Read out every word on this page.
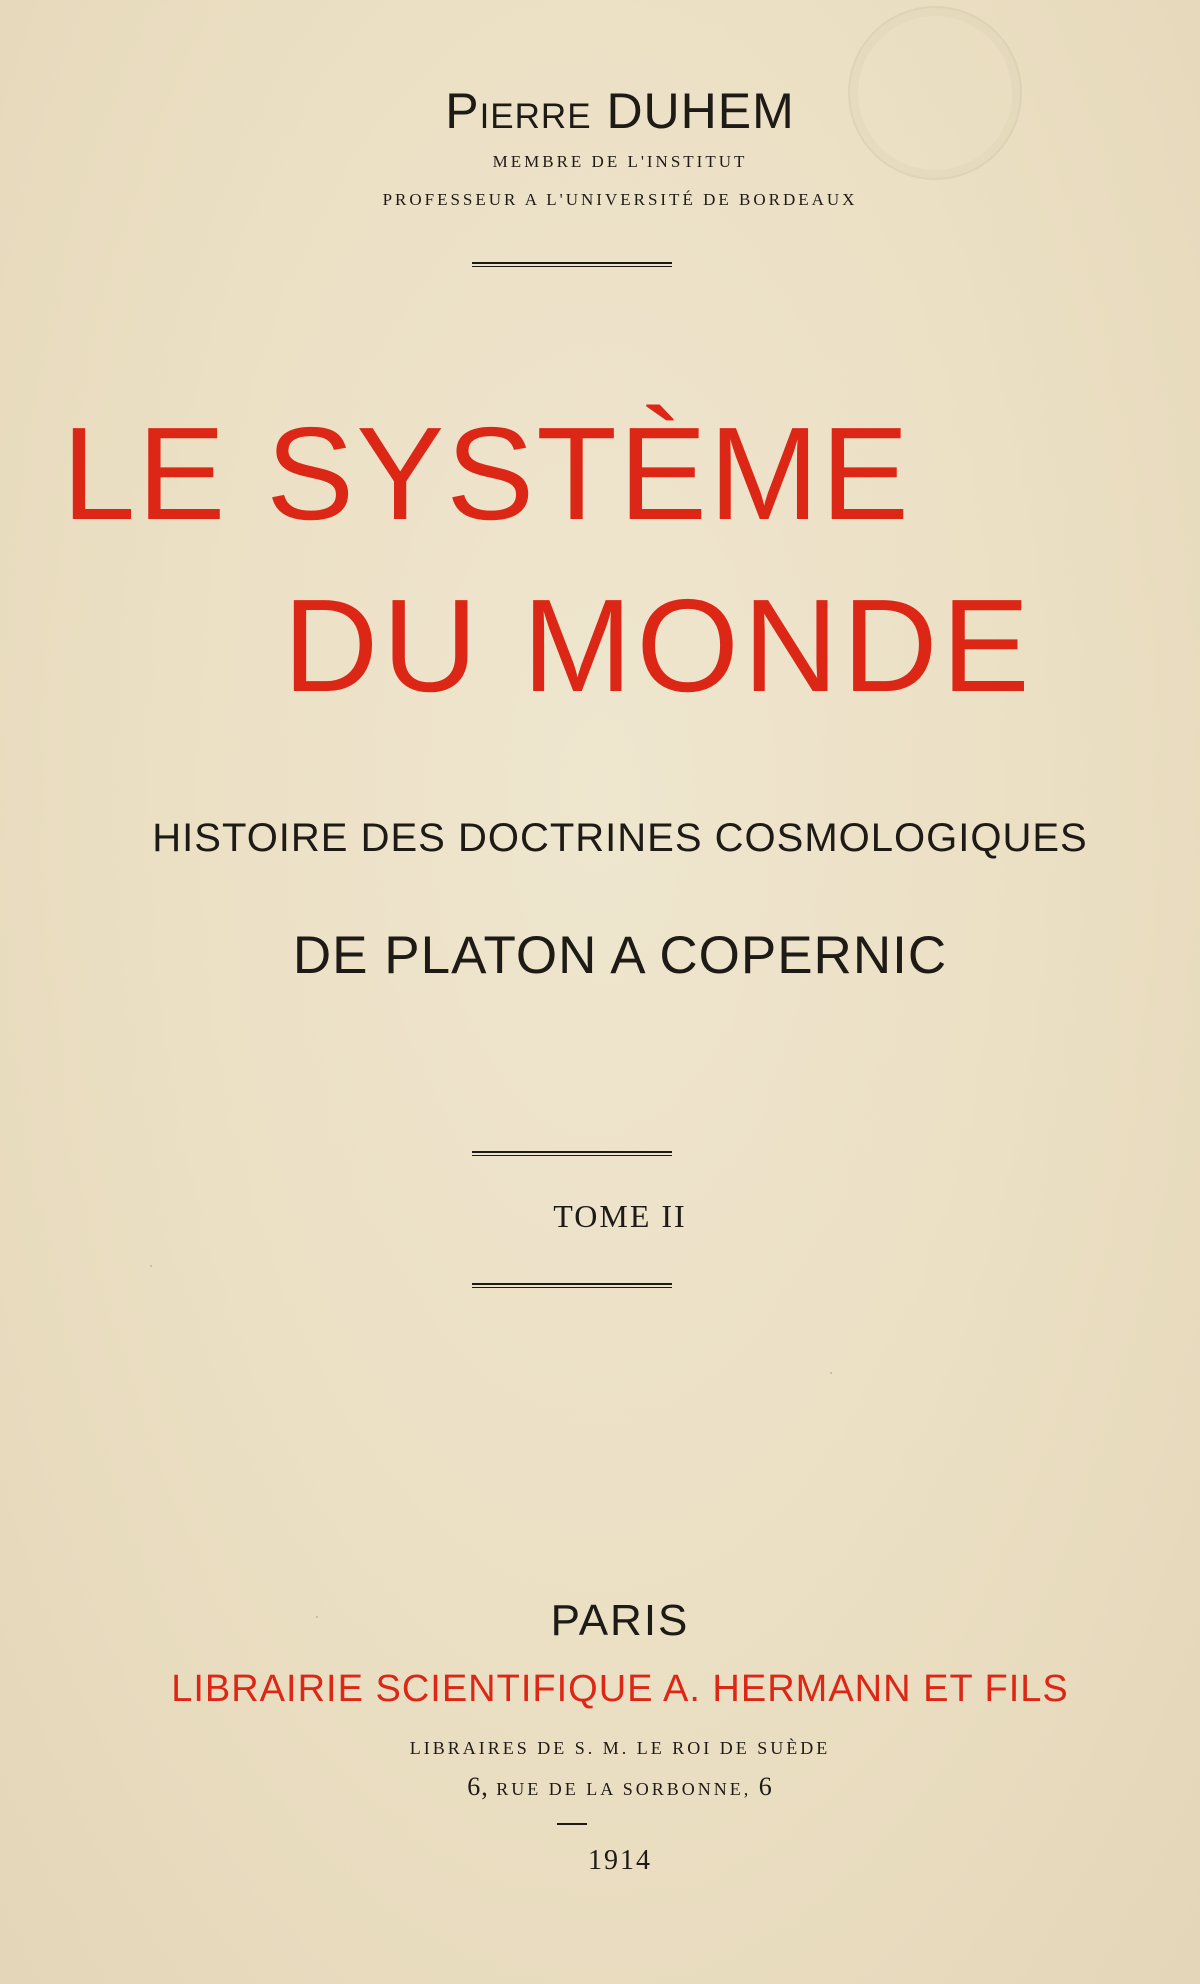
Pierre DUHEM
MEMBRE DE L'INSTITUT
PROFESSEUR A L'UNIVERSITÉ DE BORDEAUX
LE SYSTÈME
DU MONDE
HISTOIRE DES DOCTRINES COSMOLOGIQUES
DE PLATON A COPERNIC
TOME II
PARIS
LIBRAIRIE SCIENTIFIQUE A. HERMANN ET FILS
LIBRAIRES DE S. M. LE ROI DE SUÈDE
6, RUE DE LA SORBONNE, 6
1914
